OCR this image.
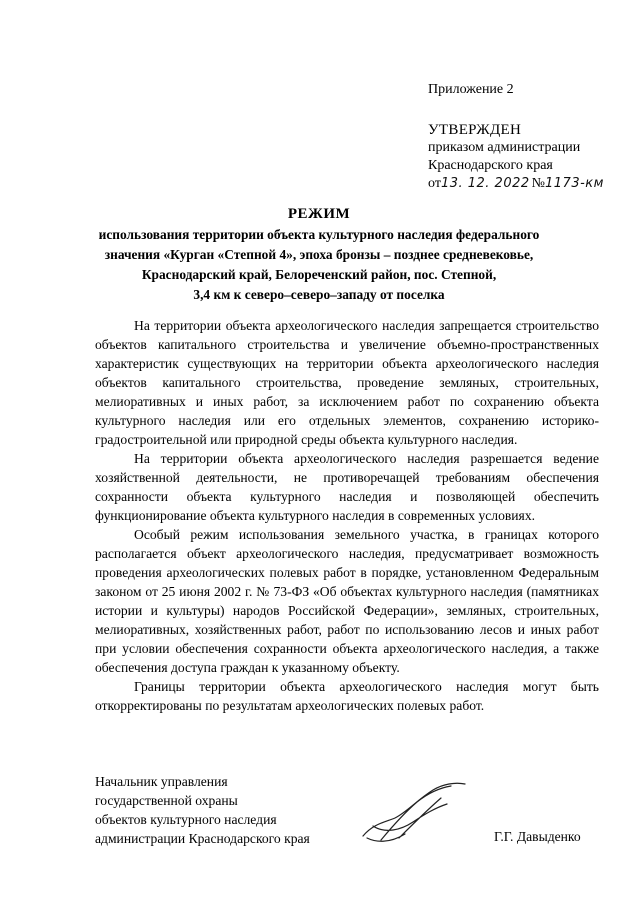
Приложение 2
УТВЕРЖДЕН
приказом администрации
Краснодарского края
от13. 12. 2022 №1173-км
РЕЖИМ
использования территории объекта культурного наследия федерального
значения «Курган «Степной 4», эпоха бронзы – позднее средневековье,
Краснодарский край, Белореченский район, пос. Степной,
3,4 км к северо–северо–западу от поселка

На территории объекта археологического наследия запрещается строительство объектов капитального строительства и увеличение объемно-пространственных характеристик существующих на территории объекта археологического наследия объектов капитального строительства, проведение земляных, строительных, мелиоративных и иных работ, за исключением работ по сохранению объекта культурного наследия или его отдельных элементов, сохранению историко-градостроительной или природной среды объекта культурного наследия.

На территории объекта археологического наследия разрешается ведение хозяйственной деятельности, не противоречащей требованиям обеспечения сохранности объекта культурного наследия и позволяющей обеспечить функционирование объекта культурного наследия в современных условиях.

Особый режим использования земельного участка, в границах которого располагается объект археологического наследия, предусматривает возможность проведения археологических полевых работ в порядке, установленном Федеральным законом от 25 июня 2002 г. № 73-ФЗ «Об объектах культурного наследия (памятниках истории и культуры) народов Российской Федерации», земляных, строительных, мелиоративных, хозяйственных работ, работ по использованию лесов и иных работ при условии обеспечения сохранности объекта археологического наследия, а также обеспечения доступа граждан к указанному объекту.

Границы территории объекта археологического наследия могут быть откорректированы по результатам археологических полевых работ.

Начальник управления
государственной охраны
объектов культурного наследия
администрации Краснодарского края	Г.Г. Давыденко
